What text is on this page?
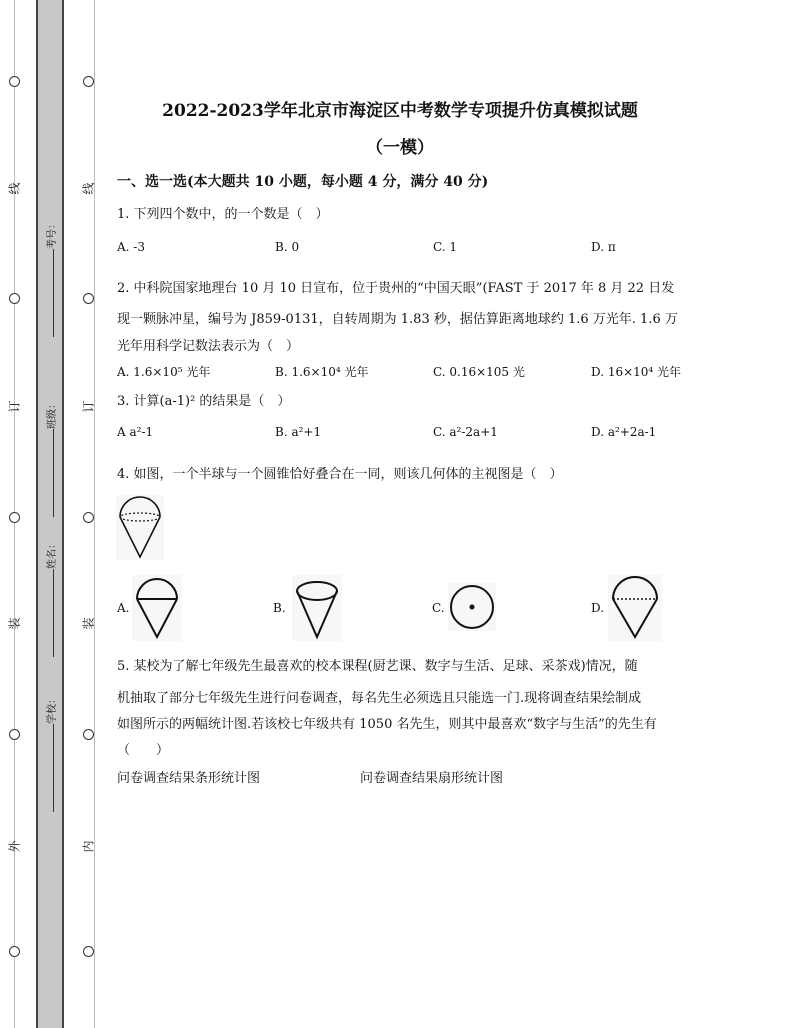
线
订
装
外
线
订
装
内
考号：
班级：
姓名：
学校：
2022-2023学年北京市海淀区中考数学专项提升仿真模拟试题
（一模）
一、选一选(本大题共 10 小题，每小题 4 分，满分 40 分)
1. 下列四个数中，的一个数是（　）
A. -3	B. 0	C. 1	D. π
2. 中科院国家地理台 10 月 10 日宣布，位于贵州的“中国天眼”(FAST 于 2017 年 8 月 22 日发
现一颗脉冲星，编号为 J859-0131，自转周期为 1.83 秒，据估算距离地球约 1.6 万光年. 1.6 万
光年用科学记数法表示为（　）
A. 1.6×10⁵ 光年	B. 1.6×10⁴ 光年	C. 0.16×105 光	D. 16×10⁴ 光年
3. 计算(a-1)² 的结果是（　）
A a²-1	B. a²+1	C. a²-2a+1	D. a²+2a-1
4. 如图，一个半球与一个圆锥恰好叠合在一同，则该几何体的主视图是（　）
A.	B.	C.	D.
5. 某校为了解七年级先生最喜欢的校本课程(厨艺课、数字与生活、足球、采茶戏)情况，随
机抽取了部分七年级先生进行问卷调查，每名先生必须选且只能选一门.现将调查结果绘制成
如图所示的两幅统计图.若该校七年级共有 1050 名先生，则其中最喜欢“数字与生活”的先生有
（　　）
问卷调查结果条形统计图	问卷调查结果扇形统计图
